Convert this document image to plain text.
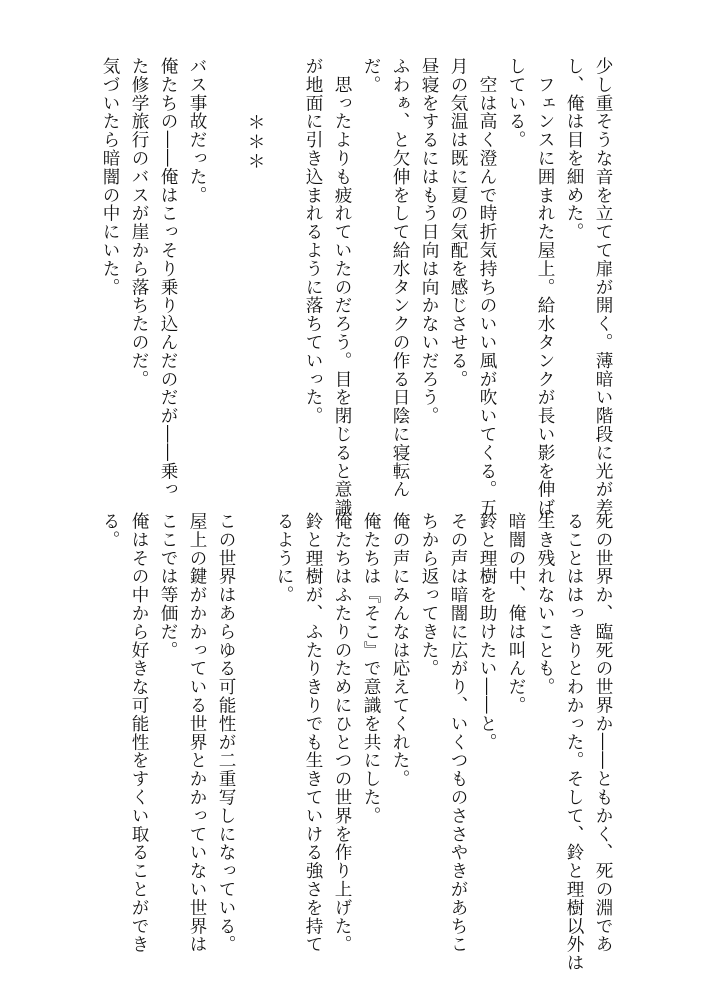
少し重そうな音を立てて扉が開く。薄暗い階段に光が差
し、俺は目を細めた。
　フェンスに囲まれた屋上。給水タンクが長い影を伸ば
している。
　空は高く澄んで時折気持ちのいい風が吹いてくる。五
月の気温は既に夏の気配を感じさせる。
昼寝をするにはもう日向は向かないだろう。
ふわぁ、と欠伸をして給水タンクの作る日陰に寝転ん
だ。
　思ったよりも疲れていたのだろう。目を閉じると意識
が地面に引き込まれるように落ちていった。

＊＊＊

バス事故だった。
俺たちの――俺はこっそり乗り込んだのだが――乗っ
た修学旅行のバスが崖から落ちたのだ。
気づいたら暗闇の中にいた。
死の世界か、臨死の世界か――ともかく、死の淵であ
ることははっきりとわかった。そして、鈴と理樹以外は
生き残れないことも。
暗闇の中、俺は叫んだ。
鈴と理樹を助けたい――と。
その声は暗闇に広がり、いくつものささやきがあちこ
ちから返ってきた。
俺の声にみんなは応えてくれた。
俺たちは『そこ』で意識を共にした。
俺たちはふたりのためにひとつの世界を作り上げた。
鈴と理樹が、ふたりきりでも生きていける強さを持て
るように。

この世界はあらゆる可能性が二重写しになっている。
屋上の鍵がかかっている世界とかかっていない世界は
ここでは等価だ。
俺はその中から好きな可能性をすくい取ることができ
る。
